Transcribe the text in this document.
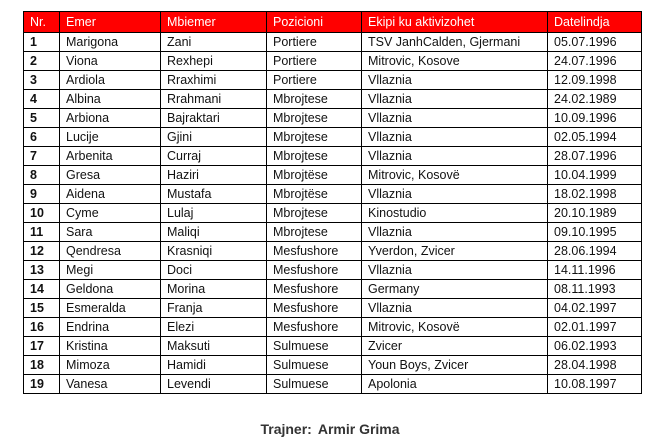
Nr.	Emer	Mbiemer	Pozicioni	Ekipi ku aktivizohet	Datelindja
1	Marigona	Zani	Portiere	TSV JanhCalden, Gjermani	05.07.1996
2	Viona	Rexhepi	Portiere	Mitrovic, Kosove	24.07.1996
3	Ardiola	Rraxhimi	Portiere	Vllaznia	12.09.1998
4	Albina	Rrahmani	Mbrojtese	Vllaznia	24.02.1989
5	Arbiona	Bajraktari	Mbrojtese	Vllaznia	10.09.1996
6	Lucije	Gjini	Mbrojtese	Vllaznia	02.05.1994
7	Arbenita	Curraj	Mbrojtese	Vllaznia	28.07.1996
8	Gresa	Haziri	Mbrojtëse	Mitrovic, Kosovë	10.04.1999
9	Aidena	Mustafa	Mbrojtëse	Vllaznia	18.02.1998
10	Cyme	Lulaj	Mbrojtese	Kinostudio	20.10.1989
11	Sara	Maliqi	Mbrojtese	Vllaznia	09.10.1995
12	Qendresa	Krasniqi	Mesfushore	Yverdon, Zvicer	28.06.1994
13	Megi	Doci	Mesfushore	Vllaznia	14.11.1996
14	Geldona	Morina	Mesfushore	Germany	08.11.1993
15	Esmeralda	Franja	Mesfushore	Vllaznia	04.02.1997
16	Endrina	Elezi	Mesfushore	Mitrovic, Kosovë	02.01.1997
17	Kristina	Maksuti	Sulmuese	Zvicer	06.02.1993
18	Mimoza	Hamidi	Sulmuese	Youn Boys, Zvicer	28.04.1998
19	Vanesa	Levendi	Sulmuese	Apolonia	10.08.1997
Trajner: Armir Grima
